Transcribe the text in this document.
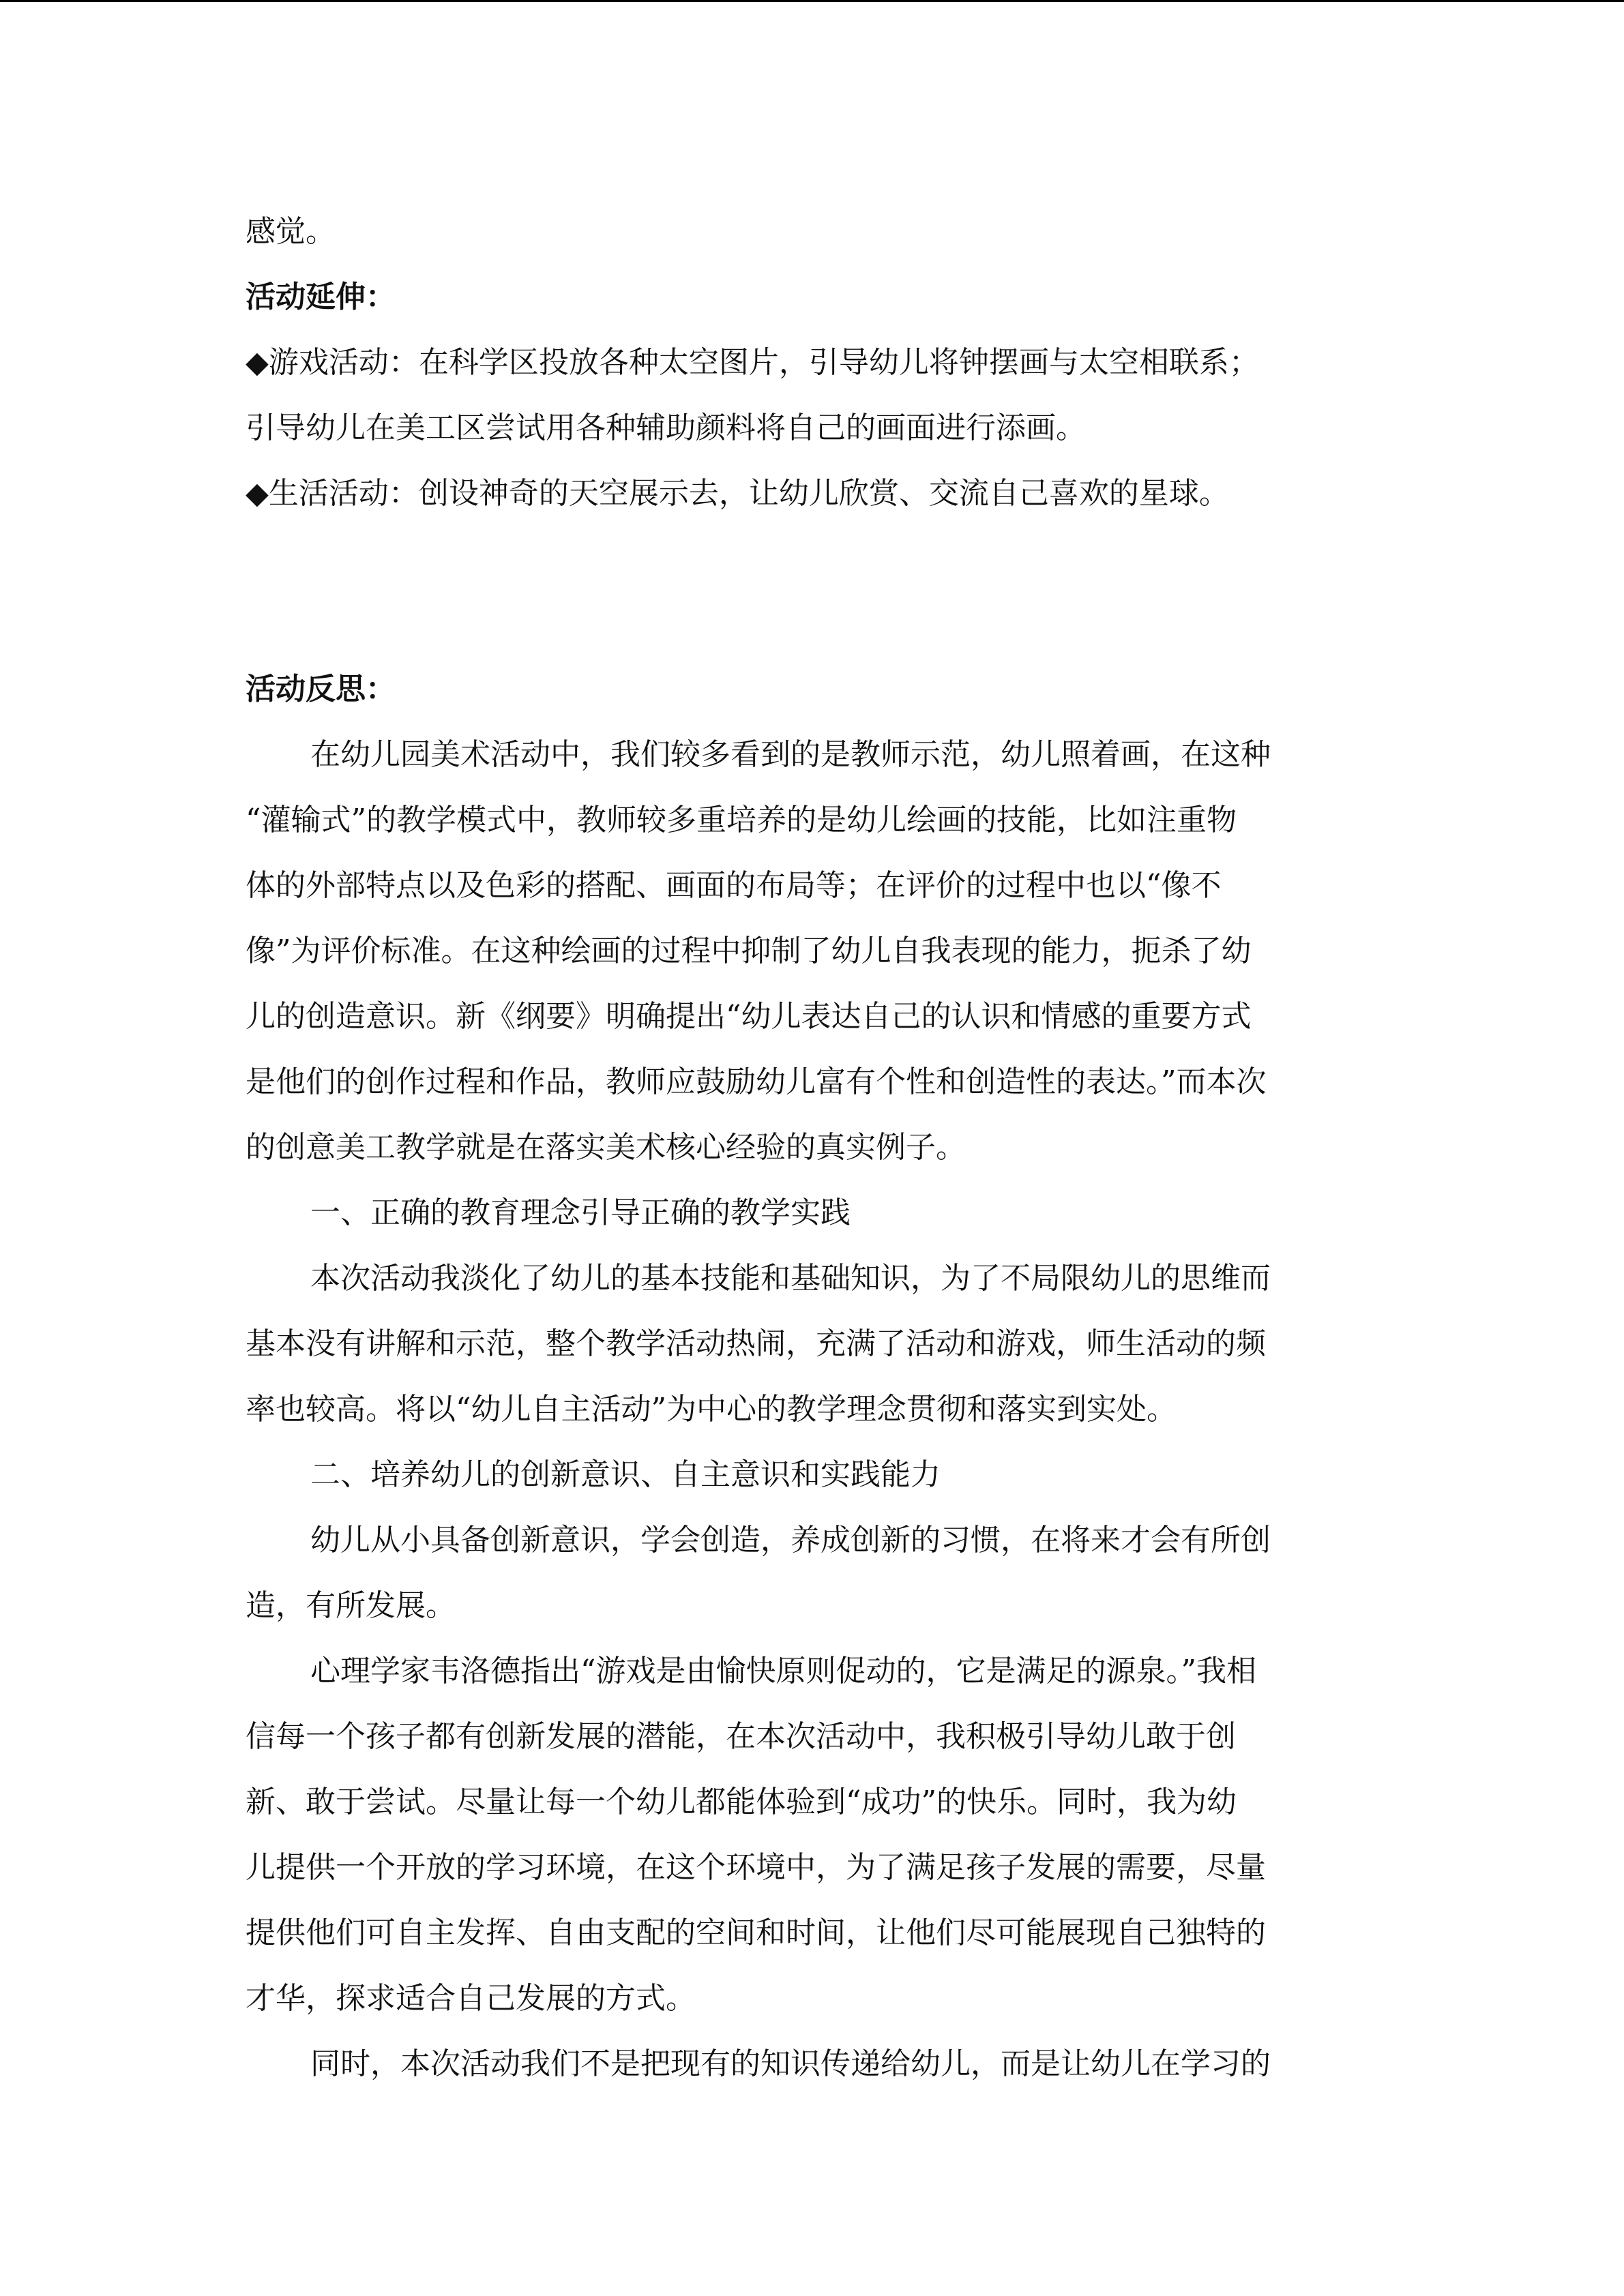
感觉。
活动延伸：
◆游戏活动：在科学区投放各种太空图片，引导幼儿将钟摆画与太空相联系；
引导幼儿在美工区尝试用各种辅助颜料将自己的画面进行添画。
◆生活活动：创设神奇的天空展示去，让幼儿欣赏、交流自己喜欢的星球。
活动反思：
在幼儿园美术活动中，我们较多看到的是教师示范，幼儿照着画，在这种
“灌输式”的教学模式中，教师较多重培养的是幼儿绘画的技能，比如注重物
体的外部特点以及色彩的搭配、画面的布局等；在评价的过程中也以“像不
像”为评价标准。在这种绘画的过程中抑制了幼儿自我表现的能力，扼杀了幼
儿的创造意识。新《纲要》明确提出“幼儿表达自己的认识和情感的重要方式
是他们的创作过程和作品，教师应鼓励幼儿富有个性和创造性的表达。”而本次
的创意美工教学就是在落实美术核心经验的真实例子。
一、正确的教育理念引导正确的教学实践
本次活动我淡化了幼儿的基本技能和基础知识，为了不局限幼儿的思维而
基本没有讲解和示范，整个教学活动热闹，充满了活动和游戏，师生活动的频
率也较高。将以“幼儿自主活动”为中心的教学理念贯彻和落实到实处。
二、培养幼儿的创新意识、自主意识和实践能力
幼儿从小具备创新意识，学会创造，养成创新的习惯，在将来才会有所创
造，有所发展。
心理学家韦洛德指出“游戏是由愉快原则促动的，它是满足的源泉。”我相
信每一个孩子都有创新发展的潜能，在本次活动中，我积极引导幼儿敢于创
新、敢于尝试。尽量让每一个幼儿都能体验到“成功”的快乐。同时，我为幼
儿提供一个开放的学习环境，在这个环境中，为了满足孩子发展的需要，尽量
提供他们可自主发挥、自由支配的空间和时间，让他们尽可能展现自己独特的
才华，探求适合自己发展的方式。
同时，本次活动我们不是把现有的知识传递给幼儿，而是让幼儿在学习的
